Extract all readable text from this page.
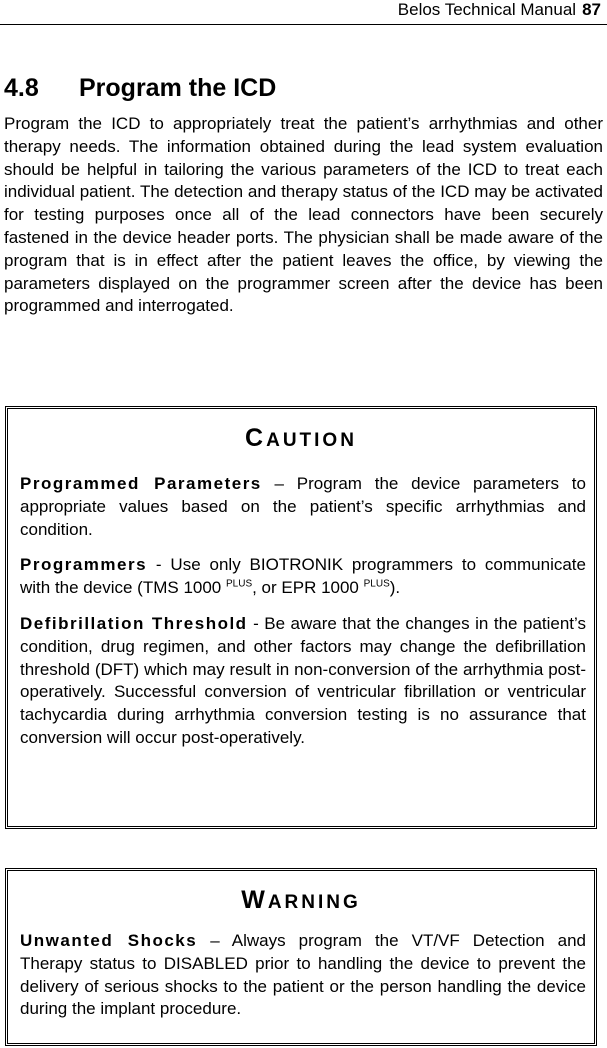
Belos Technical Manual 87
4.8 Program the ICD
Program the ICD to appropriately treat the patient’s arrhythmias and other therapy needs. The information obtained during the lead system evaluation should be helpful in tailoring the various parameters of the ICD to treat each individual patient. The detection and therapy status of the ICD may be activated for testing purposes once all of the lead connectors have been securely fastened in the device header ports. The physician shall be made aware of the program that is in effect after the patient leaves the office, by viewing the parameters displayed on the programmer screen after the device has been programmed and interrogated.
CAUTION

Programmed Parameters – Program the device parameters to appropriate values based on the patient’s specific arrhythmias and condition.

Programmers - Use only BIOTRONIK programmers to communicate with the device (TMS 1000 $^{PLUS}$, or EPR 1000 $^{PLUS}$).

Defibrillation Threshold - Be aware that the changes in the patient’s condition, drug regimen, and other factors may change the defibrillation threshold (DFT) which may result in non-conversion of the arrhythmia post-operatively. Successful conversion of ventricular fibrillation or ventricular tachycardia during arrhythmia conversion testing is no assurance that conversion will occur post-operatively.

WARNING

Unwanted Shocks – Always program the VT/VF Detection and Therapy status to DISABLED prior to handling the device to prevent the delivery of serious shocks to the patient or the person handling the device during the implant procedure.
